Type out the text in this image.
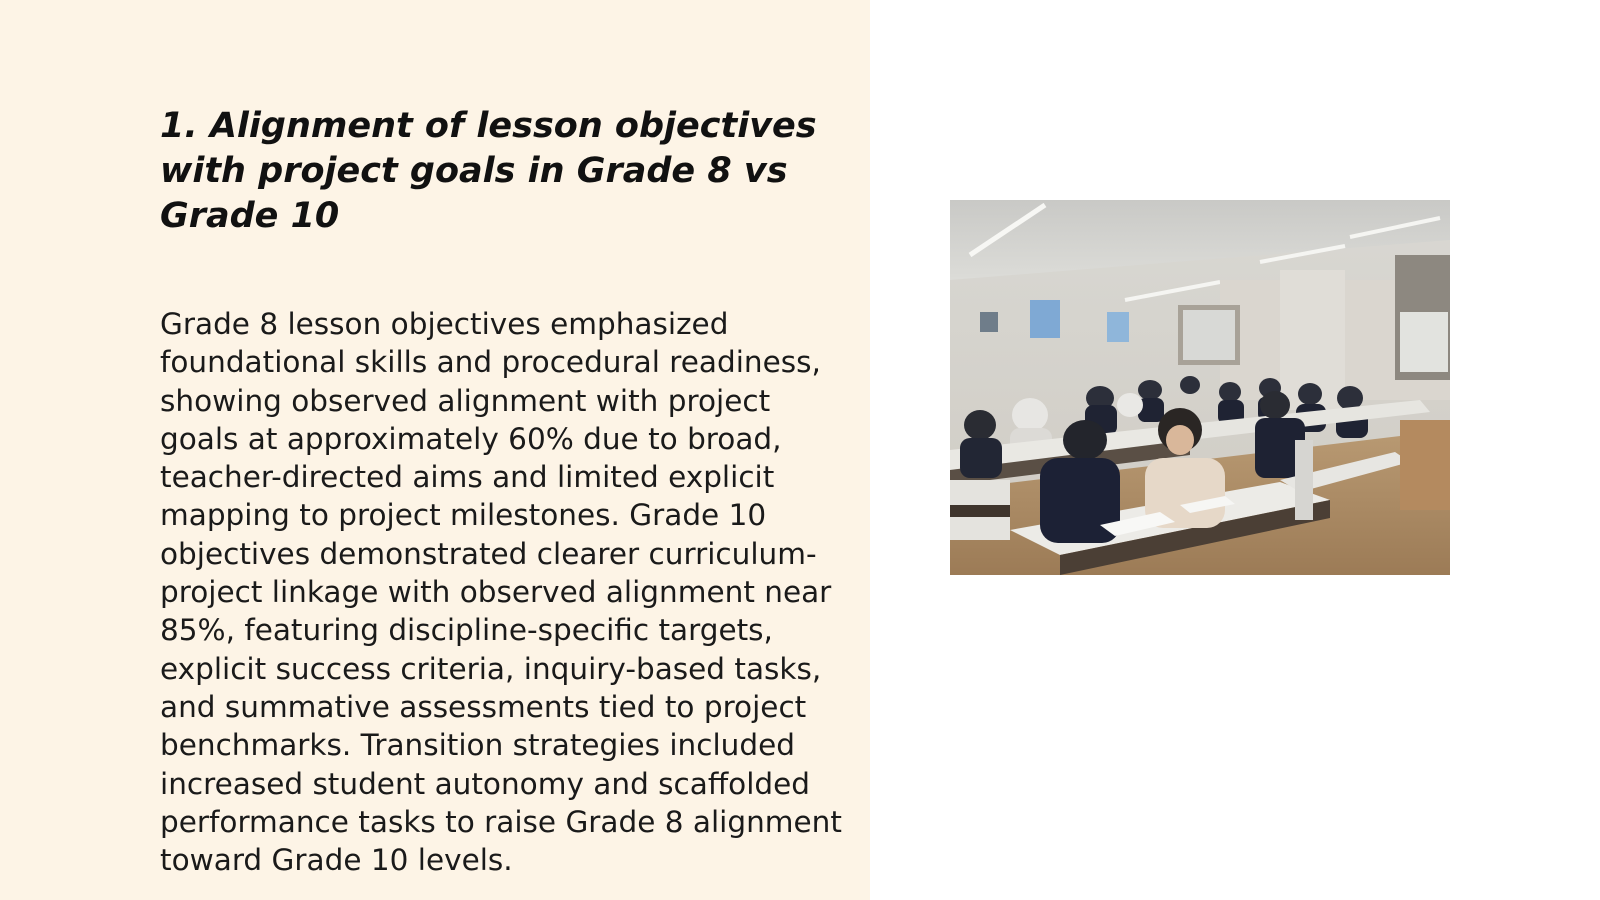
1. Alignment of lesson objectives with project goals in Grade 8 vs Grade 10

Grade 8 lesson objectives emphasized foundational skills and procedural readiness, showing observed alignment with project goals at approximately 60% due to broad, teacher-directed aims and limited explicit mapping to project milestones. Grade 10 objectives demonstrated clearer curriculum-project linkage with observed alignment near 85%, featuring discipline-specific targets, explicit success criteria, inquiry-based tasks, and summative assessments tied to project benchmarks. Transition strategies included increased student autonomy and scaffolded performance tasks to raise Grade 8 alignment toward Grade 10 levels.
